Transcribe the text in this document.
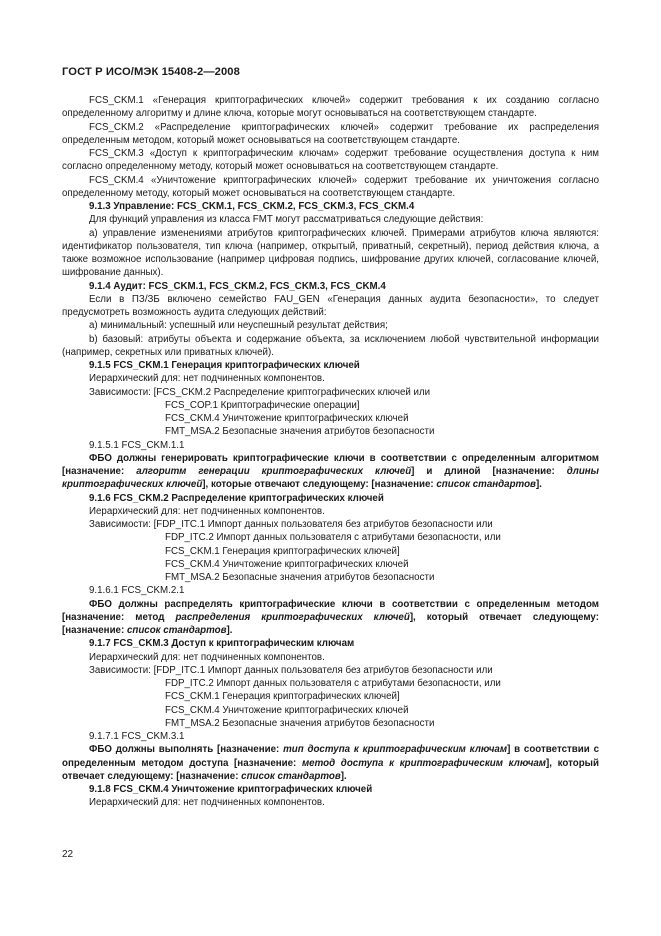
ГОСТ Р ИСО/МЭК 15408-2—2008

FCS_CKM.1 «Генерация криптографических ключей» содержит требования к их созданию согласно определенному алгоритму и длине ключа, которые могут основываться на соответствующем стандарте.

FCS_CKM.2 «Распределение криптографических ключей» содержит требование их распределения определенным методом, который может основываться на соответствующем стандарте.

FCS_CKM.3 «Доступ к криптографическим ключам» содержит требование осуществления доступа к ним согласно определенному методу, который может основываться на соответствующем стандарте.

FCS_CKM.4 «Уничтожение криптографических ключей» содержит требование их уничтожения согласно определенному методу, который может основываться на соответствующем стандарте.

9.1.3 Управление: FCS_CKM.1, FCS_CKM.2, FCS_CKM.3, FCS_CKM.4

Для функций управления из класса FMT могут рассматриваться следующие действия:

а) управление изменениями атрибутов криптографических ключей. Примерами атрибутов ключа являются: идентификатор пользователя, тип ключа (например, открытый, приватный, секретный), период действия ключа, а также возможное использование (например цифровая подпись, шифрование других ключей, согласование ключей, шифрование данных).

9.1.4 Аудит: FCS_CKM.1, FCS_CKM.2, FCS_CKM.3, FCS_CKM.4

Если в ПЗ/ЗБ включено семейство FAU_GEN «Генерация данных аудита безопасности», то следует предусмотреть возможность аудита следующих действий:

а) минимальный: успешный или неуспешный результат действия;

b) базовый: атрибуты объекта и содержание объекта, за исключением любой чувствительной информации (например, секретных или приватных ключей).

9.1.5 FCS_CKM.1 Генерация криптографических ключей

Иерархический для: нет подчиненных компонентов.

Зависимости: [FCS_CKM.2 Распределение криптографических ключей или

FCS_COP.1 Криптографические операции]

FCS_CKM.4 Уничтожение криптографических ключей

FMT_MSA.2 Безопасные значения атрибутов безопасности

9.1.5.1 FCS_CKM.1.1

ФБО должны генерировать криптографические ключи в соответствии с определенным алгоритмом [назначение: алгоритм генерации криптографических ключей] и длиной [назначение: длины криптографических ключей], которые отвечают следующему: [назначение: список стандартов].

9.1.6 FCS_CKM.2 Распределение криптографических ключей

Иерархический для: нет подчиненных компонентов.

Зависимости: [FDP_ITC.1 Импорт данных пользователя без атрибутов безопасности или

FDP_ITC.2 Импорт данных пользователя с атрибутами безопасности, или

FCS_CKM.1 Генерация криптографических ключей]

FCS_CKM.4 Уничтожение криптографических ключей

FMT_MSA.2 Безопасные значения атрибутов безопасности

9.1.6.1 FCS_CKM.2.1

ФБО должны распределять криптографические ключи в соответствии с определенным методом [назначение: метод распределения криптографических ключей], который отвечает следующему: [назначение: список стандартов].

9.1.7 FCS_CKM.3 Доступ к криптографическим ключам

Иерархический для: нет подчиненных компонентов.

Зависимости: [FDP_ITC.1 Импорт данных пользователя без атрибутов безопасности или

FDP_ITC.2 Импорт данных пользователя с атрибутами безопасности, или

FCS_CKM.1 Генерация криптографических ключей]

FCS_CKM.4 Уничтожение криптографических ключей

FMT_MSA.2 Безопасные значения атрибутов безопасности

9.1.7.1 FCS_CKM.3.1

ФБО должны выполнять [назначение: тип доступа к криптографическим ключам] в соответствии с определенным методом доступа [назначение: метод доступа к криптографическим ключам], который отвечает следующему: [назначение: список стандартов].

9.1.8 FCS_CKM.4 Уничтожение криптографических ключей

Иерархический для: нет подчиненных компонентов.

22
